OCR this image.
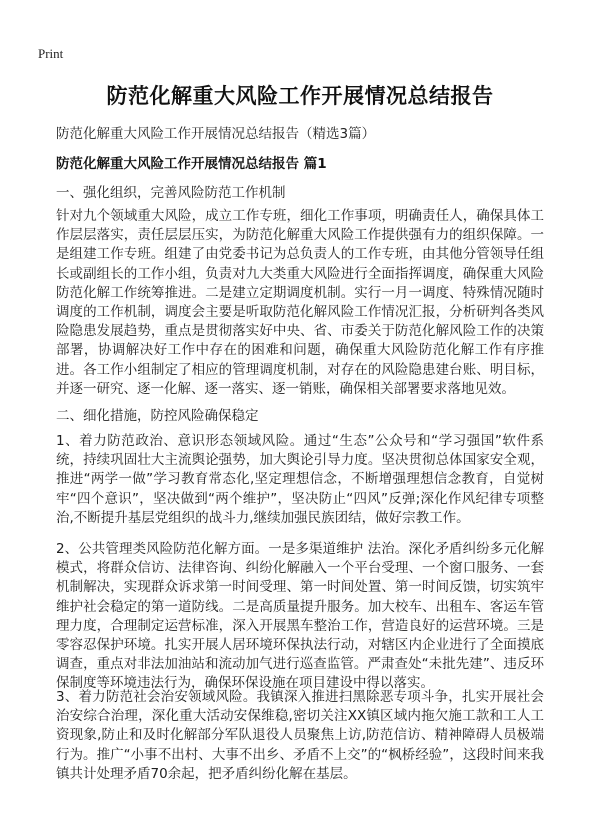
Print
防范化解重大风险工作开展情况总结报告
防范化解重大风险工作开展情况总结报告（精选3篇）
防范化解重大风险工作开展情况总结报告 篇1
一、强化组织，完善风险防范工作机制
针对九个领域重大风险，成立工作专班，细化工作事项，明确责任人，确保具体工作层层落实，责任层层压实，为防范化解重大风险工作提供强有力的组织保障。一是组建工作专班。组建了由党委书记为总负责人的工作专班，由其他分管领导任组长或副组长的工作小组，负责对九大类重大风险进行全面指挥调度，确保重大风险防范化解工作统筹推进。二是建立定期调度机制。实行一月一调度、特殊情况随时调度的工作机制，调度会主要是听取防范化解风险工作情况汇报，分析研判各类风险隐患发展趋势，重点是贯彻落实好中央、省、市委关于防范化解风险工作的决策部署，协调解决好工作中存在的困难和问题，确保重大风险防范化解工作有序推进。各工作小组制定了相应的管理调度机制，对存在的风险隐患建台账、明目标，并逐一研究、逐一化解、逐一落实、逐一销账，确保相关部署要求落地见效。
二、细化措施，防控风险确保稳定
1、着力防范政治、意识形态领域风险。通过“生态”公众号和“学习强国”软件系统，持续巩固壮大主流舆论强势，加大舆论引导力度。坚决贯彻总体国家安全观，推进“两学一做”学习教育常态化,坚定理想信念，不断增强理想信念教育，自觉树牢“四个意识”，坚决做到“两个维护”，坚决防止“四风”反弹;深化作风纪律专项整治,不断提升基层党组织的战斗力,继续加强民族团结，做好宗教工作。
2、公共管理类风险防范化解方面。一是多渠道维护 法治。深化矛盾纠纷多元化解模式，将群众信访、法律咨询、纠纷化解融入一个平台受理、一个窗口服务、一套机制解决，实现群众诉求第一时间受理、第一时间处置、第一时间反馈，切实筑牢维护社会稳定的第一道防线。二是高质量提升服务。加大校车、出租车、客运车管理力度，合理制定运营标准，深入开展黑车整治工作，营造良好的运营环境。三是零容忍保护环境。扎实开展人居环境环保执法行动，对辖区内企业进行了全面摸底调查，重点对非法加油站和流动加气进行巡查监管。严肃查处“未批先建”、违反环保制度等环境违法行为，确保环保设施在项目建设中得以落实。
3、着力防范社会治安领域风险。我镇深入推进扫黑除恶专项斗争，扎实开展社会治安综合治理，深化重大活动安保维稳,密切关注XX镇区域内拖欠施工款和工人工资现象,防止和及时化解部分军队退役人员聚焦上访,防范信访、精神障碍人员极端行为。推广“小事不出村、大事不出乡、矛盾不上交”的“枫桥经验”，这段时间来我镇共计处理矛盾70余起，把矛盾纠纷化解在基层。
